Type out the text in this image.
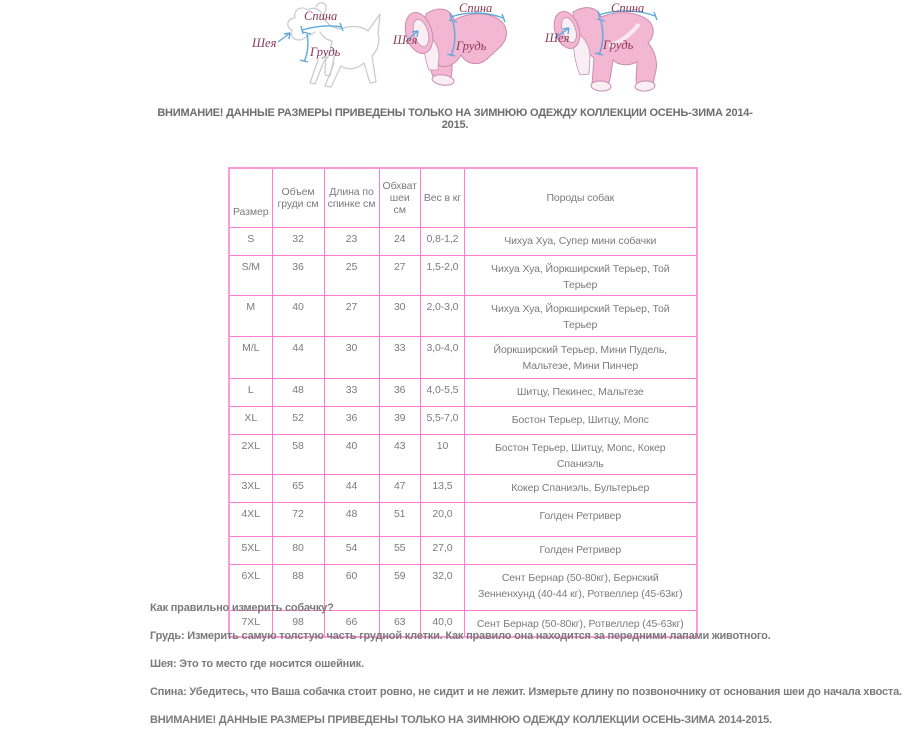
Спина
Шея
Грудь
Спина
Шея	Грудь
Спина
Шея	Грудь
ВНИМАНИЕ! ДАННЫЕ РАЗМЕРЫ ПРИВЕДЕНЫ ТОЛЬКО НА ЗИМНЮЮ ОДЕЖДУ КОЛЛЕКЦИИ ОСЕНЬ-ЗИМА 2014-2015.
Размер	Объем груди см	Длина по спинке см	Обхват шеи см	Вес в кг	Породы собак
S	32	23	24	0,8-1,2	Чихуа Хуа, Супер мини собачки
S/M	36	25	27	1,5-2,0	Чихуа Хуа, Йоркширский Терьер, Той Терьер
M	40	27	30	2,0-3,0	Чихуа Хуа, Йоркширский Терьер, Той Терьер
M/L	44	30	33	3,0-4,0	Йоркширский Терьер, Мини Пудель, Мальтезе, Мини Пинчер
L	48	33	36	4,0-5,5	Шитцу, Пекинес, Мальтезе
XL	52	36	39	5,5-7,0	Бостон Терьер, Шитцу, Мопс
2XL	58	40	43	10	Бостон Терьер, Шитцу, Мопс, Кокер Спаниэль
3XL	65	44	47	13,5	Кокер Спаниэль, Бультерьер
4XL	72	48	51	20,0	Голден Ретривер
5XL	80	54	55	27,0	Голден Ретривер
6XL	88	60	59	32,0	Сент Бернар (50-80кг), Бернский Зенненхунд (40-44 кг), Ротвеллер (45-63кг)
7XL	98	66	63	40,0	Сент Бернар (50-80кг), Ротвеллер (45-63кг)

Как правильно измерить собачку?

Грудь: Измерить самую толстую часть грудной клетки. Как правило она находится за передними лапами животного.

Шея: Это то место где носится ошейник.

Спина: Убедитесь, что Ваша собачка стоит ровно, не сидит и не лежит. Измерьте длину по позвоночнику от основания шеи до начала хвоста.

ВНИМАНИЕ! ДАННЫЕ РАЗМЕРЫ ПРИВЕДЕНЫ ТОЛЬКО НА ЗИМНЮЮ ОДЕЖДУ КОЛЛЕКЦИИ ОСЕНЬ-ЗИМА 2014-2015.
